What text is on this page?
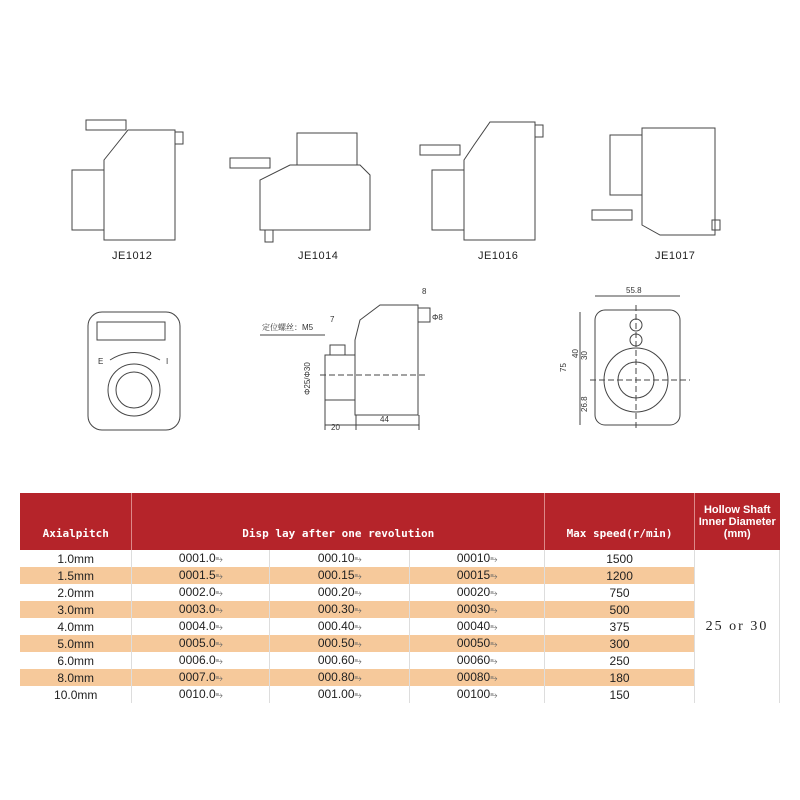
20
44
8
Φ8
7
定位螺丝：M5
Φ25/Φ30
55.8
75
40 30
26.8
E	I
JE1012	JE1014	JE1016	JE1017
Axialpitch	Disp lay after one revolution			Max speed(r/min)	Hollow Shaft Inner Diameter (mm)
1.0mm	0001.0⥱	000.10⥱	00010⥱	1500	25 or 30
1.5mm	0001.5⥱	000.15⥱	00015⥱	1200	
2.0mm	0002.0⥱	000.20⥱	00020⥱	750	
3.0mm	0003.0⥱	000.30⥱	00030⥱	500	
4.0mm	0004.0⥱	000.40⥱	00040⥱	375	
5.0mm	0005.0⥱	000.50⥱	00050⥱	300	
6.0mm	0006.0⥱	000.60⥱	00060⥱	250	
8.0mm	0007.0⥱	000.80⥱	00080⥱	180	
10.0mm	0010.0⥱	001.00⥱	00100⥱	150	
